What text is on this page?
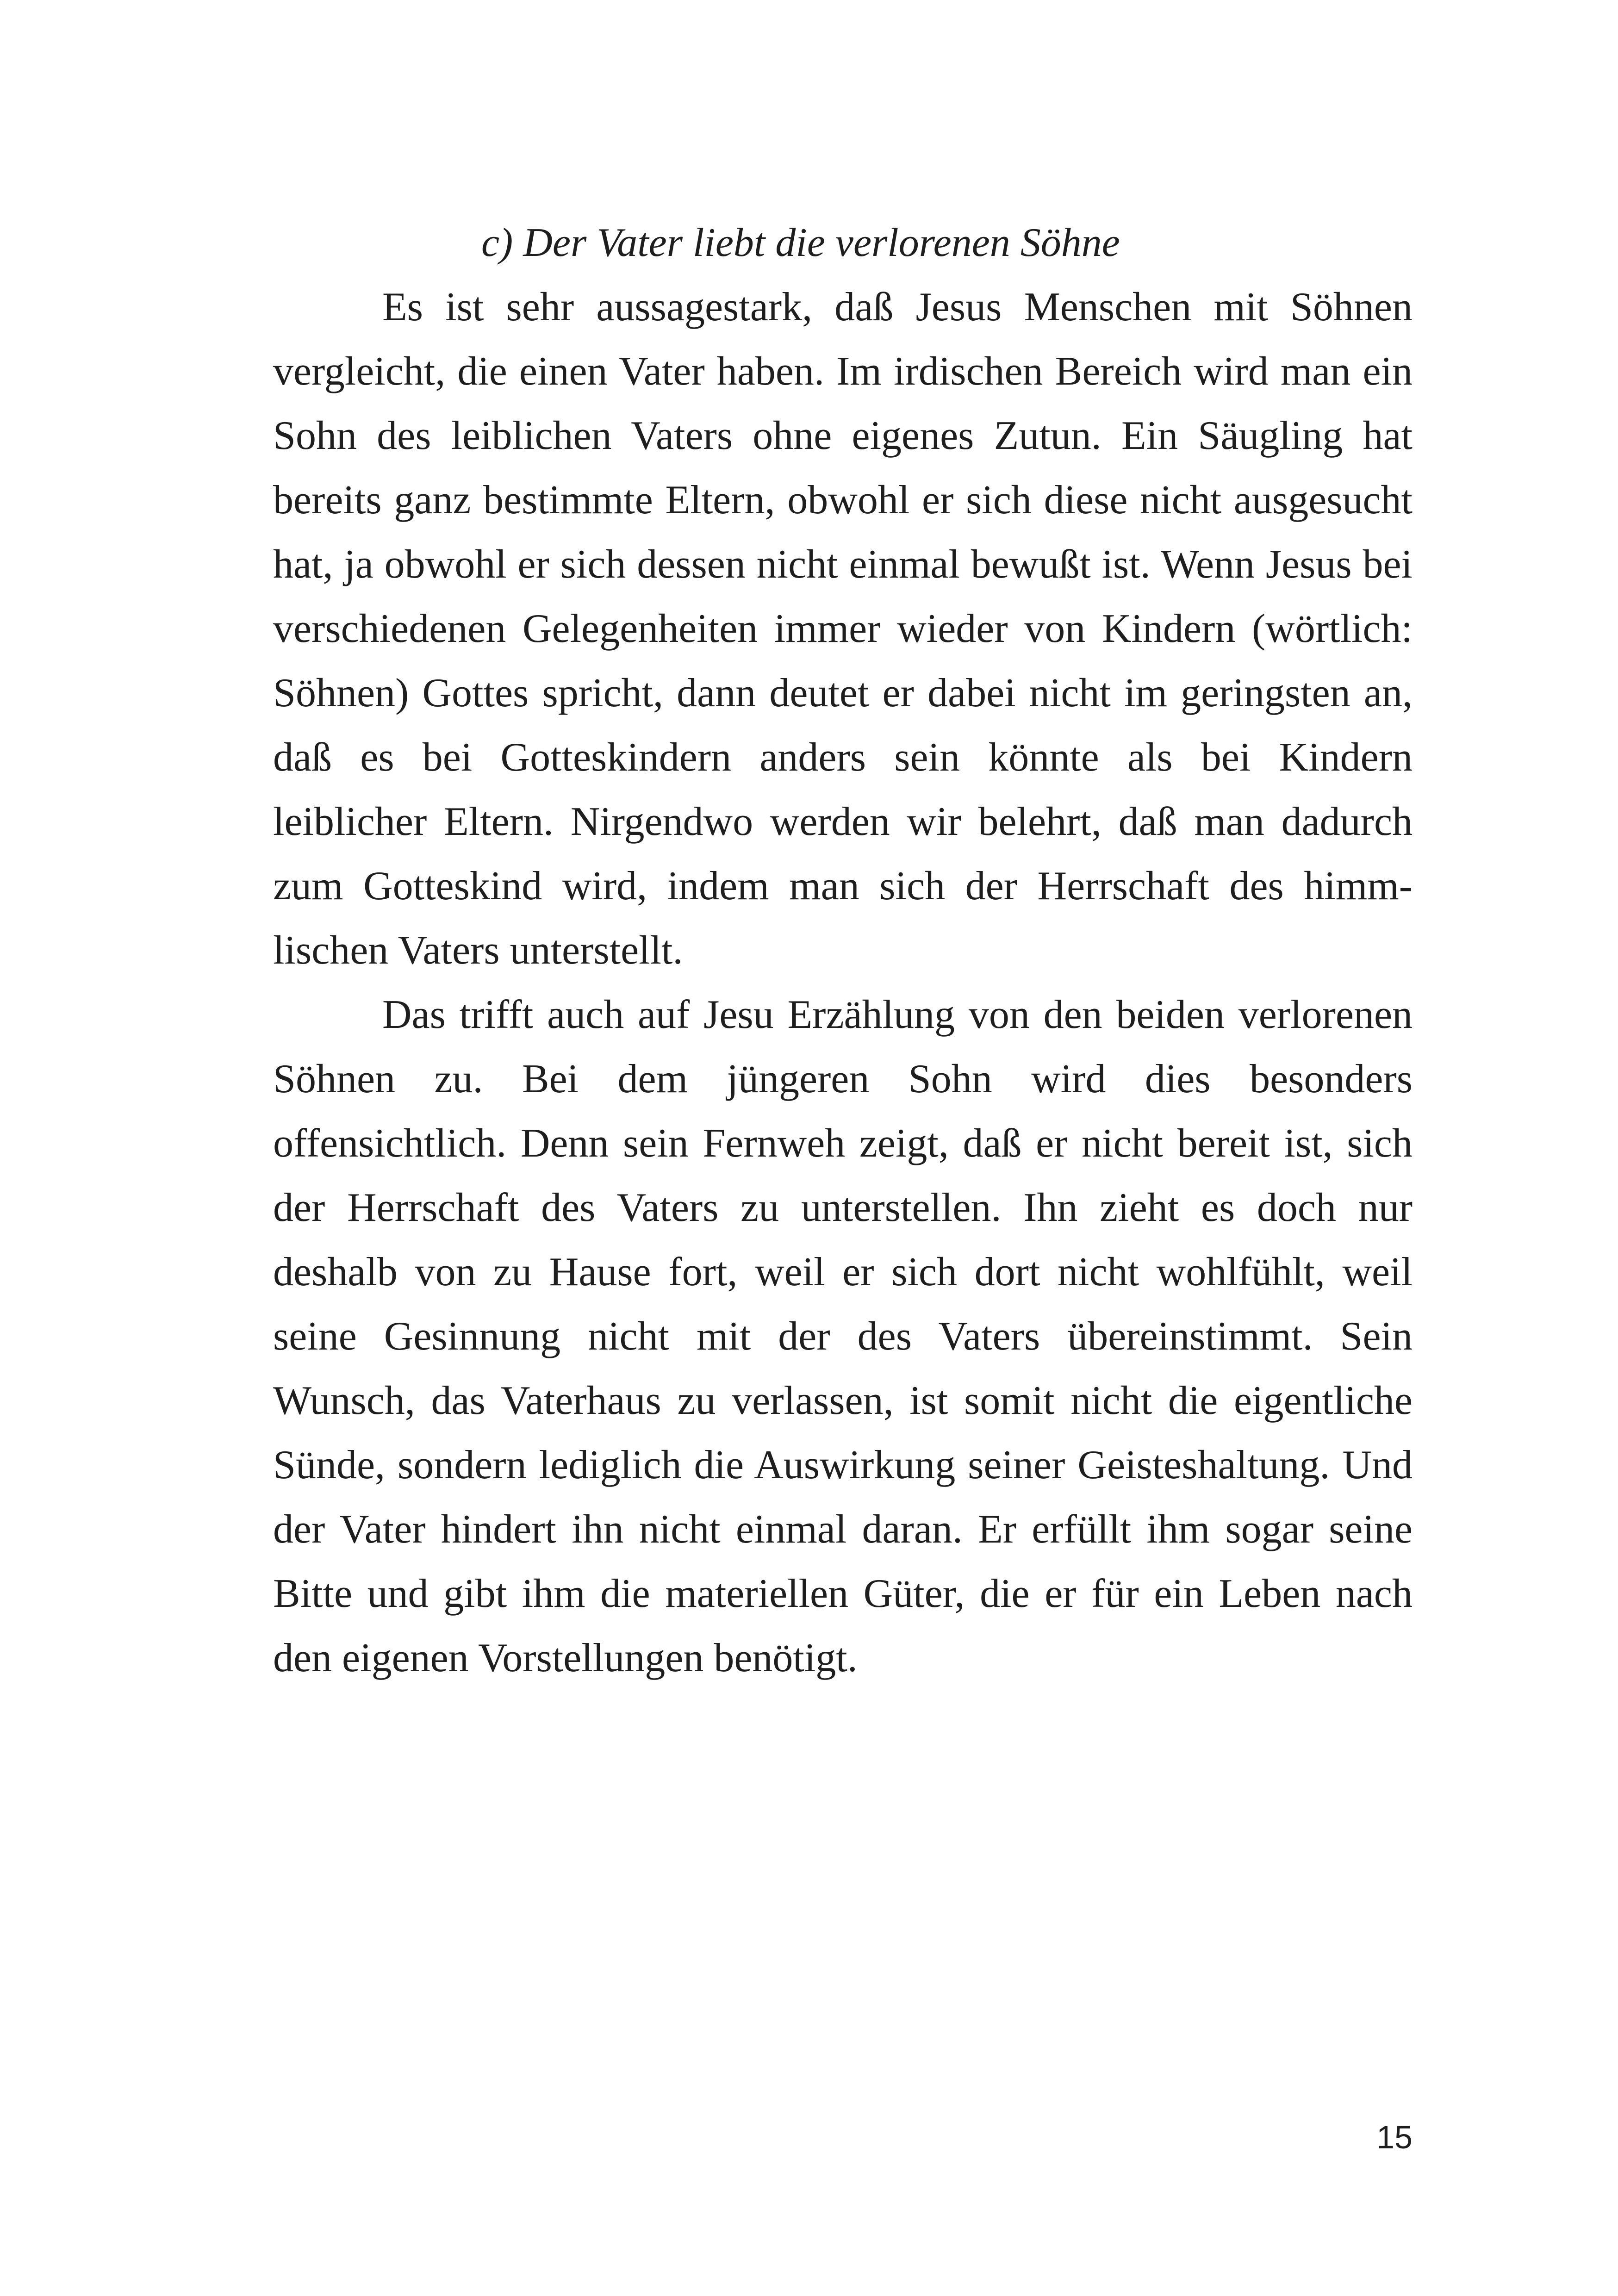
c) Der Vater liebt die verlorenen Söhne

Es ist sehr aussagestark, daß Jesus Menschen mit Söhnen vergleicht, die einen Vater haben. Im irdischen Bereich wird man ein Sohn des leiblichen Vaters ohne eigenes Zutun. Ein Säugling hat bereits ganz bestimmte Eltern, obwohl er sich diese nicht ausgesucht hat, ja obwohl er sich dessen nicht einmal bewußt ist. Wenn Jesus bei verschiedenen Gelegenheiten immer wieder von Kindern (wörtlich: Söhnen) Gottes spricht, dann deutet er dabei nicht im geringsten an, daß es bei Gotteskindern anders sein könnte als bei Kindern leiblicher Eltern. Nirgendwo werden wir belehrt, daß man dadurch zum Gotteskind wird, indem man sich der Herrschaft des himmlischen Vaters unterstellt.

Das trifft auch auf Jesu Erzählung von den beiden verlorenen Söhnen zu. Bei dem jüngeren Sohn wird dies besonders offensichtlich. Denn sein Fernweh zeigt, daß er nicht bereit ist, sich der Herrschaft des Vaters zu unterstellen. Ihn zieht es doch nur deshalb von zu Hause fort, weil er sich dort nicht wohlfühlt, weil seine Gesinnung nicht mit der des Vaters übereinstimmt. Sein Wunsch, das Vaterhaus zu verlassen, ist somit nicht die eigentliche Sünde, sondern lediglich die Auswirkung seiner Geisteshaltung. Und der Vater hindert ihn nicht einmal daran. Er erfüllt ihm sogar seine Bitte und gibt ihm die materiellen Güter, die er für ein Leben nach den eigenen Vorstellungen benötigt.

15
